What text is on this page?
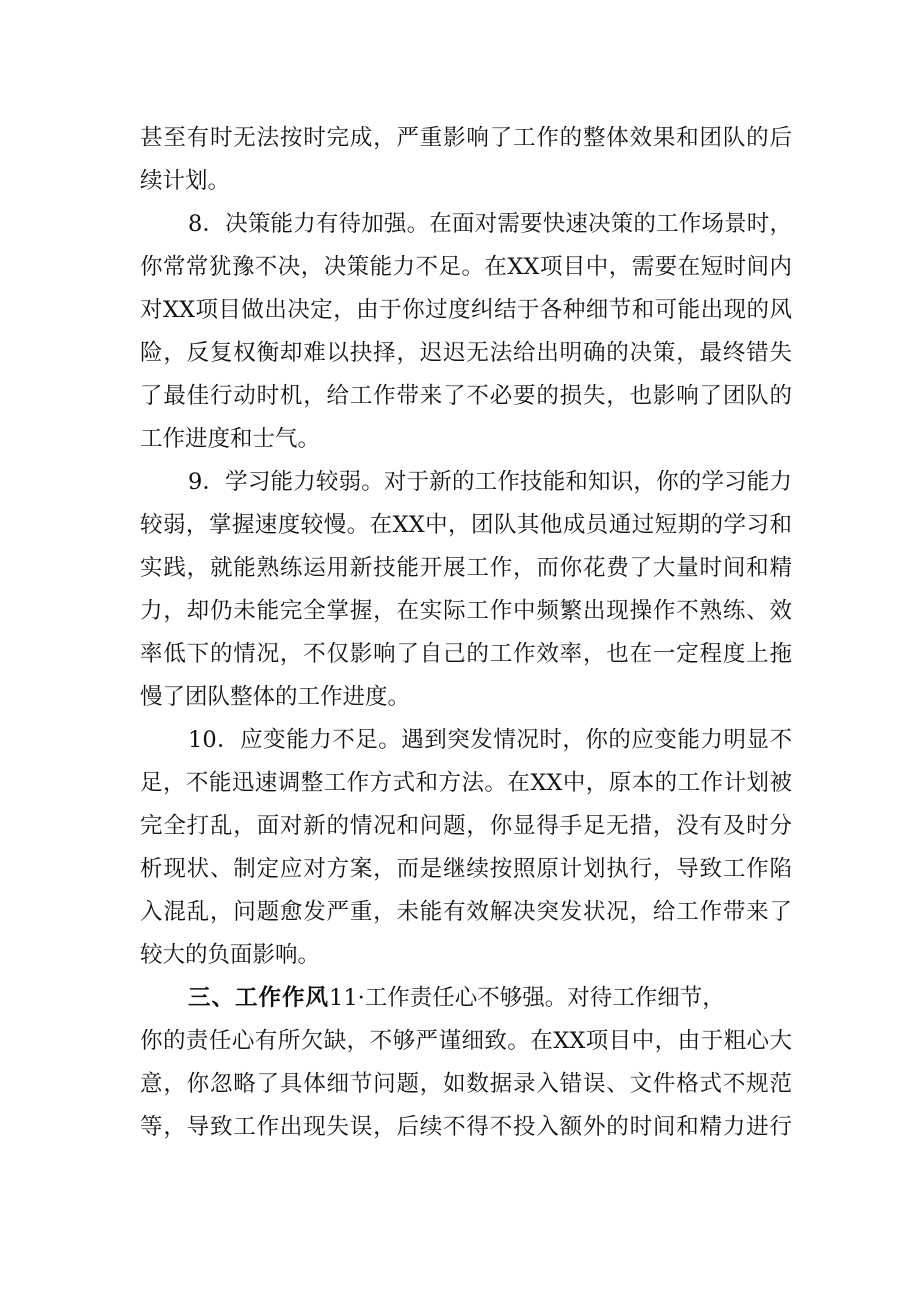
甚至有时无法按时完成，严重影响了工作的整体效果和团队的后
续计划。
8．决策能力有待加强。在面对需要快速决策的工作场景时，
你常常犹豫不决，决策能力不足。在XX项目中，需要在短时间内
对XX项目做出决定，由于你过度纠结于各种细节和可能出现的风
险，反复权衡却难以抉择，迟迟无法给出明确的决策，最终错失
了最佳行动时机，给工作带来了不必要的损失，也影响了团队的
工作进度和士气。
9．学习能力较弱。对于新的工作技能和知识，你的学习能力
较弱，掌握速度较慢。在XX中，团队其他成员通过短期的学习和
实践，就能熟练运用新技能开展工作，而你花费了大量时间和精
力，却仍未能完全掌握，在实际工作中频繁出现操作不熟练、效
率低下的情况，不仅影响了自己的工作效率，也在一定程度上拖
慢了团队整体的工作进度。
10．应变能力不足。遇到突发情况时，你的应变能力明显不
足，不能迅速调整工作方式和方法。在XX中，原本的工作计划被
完全打乱，面对新的情况和问题，你显得手足无措，没有及时分
析现状、制定应对方案，而是继续按照原计划执行，导致工作陷
入混乱，问题愈发严重，未能有效解决突发状况，给工作带来了
较大的负面影响。
三、工作作风11·工作责任心不够强。对待工作细节，
你的责任心有所欠缺，不够严谨细致。在XX项目中，由于粗心大
意，你忽略了具体细节问题，如数据录入错误、文件格式不规范
等，导致工作出现失误，后续不得不投入额外的时间和精力进行
